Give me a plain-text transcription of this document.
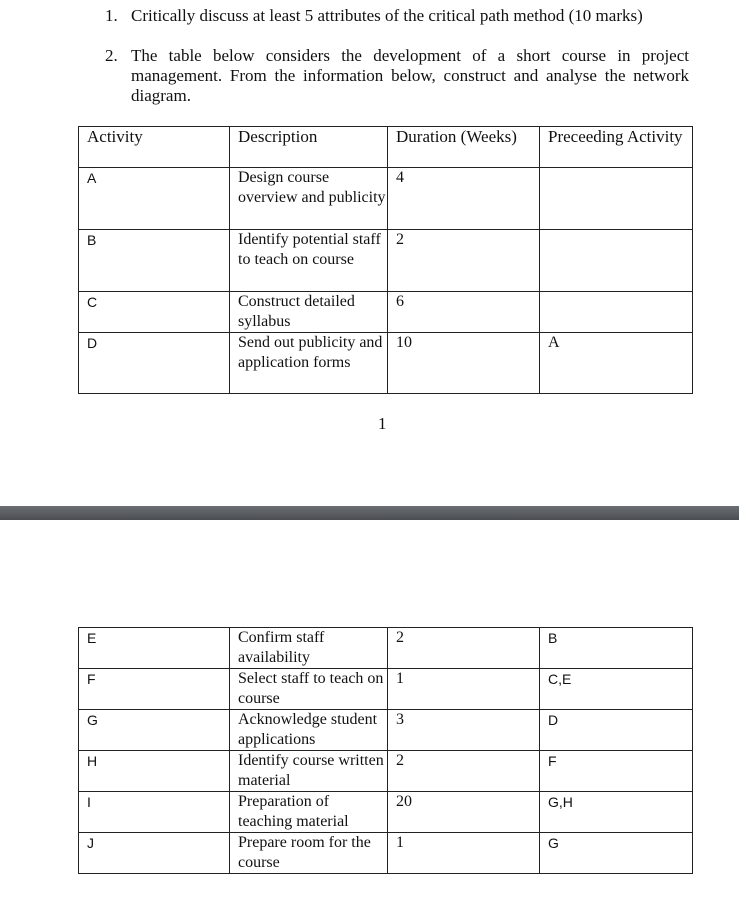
1. Critically discuss at least 5 attributes of the critical path method (10 marks)
2. The table below considers the development of a short course in project management. From the information below, construct and analyse the network diagram.
Activity	Description	Duration (Weeks)	Preceeding Activity
A	Design course overview and publicity	4	
B	Identify potential staff to teach on course	2	
C	Construct detailed syllabus	6	
D	Send out publicity and application forms	10	A
1
E	Confirm staff availability	2	B
F	Select staff to teach on course	1	C,E
G	Acknowledge student applications	3	D
H	Identify course written material	2	F
I	Preparation of teaching material	20	G,H
J	Prepare room for the course	1	G
